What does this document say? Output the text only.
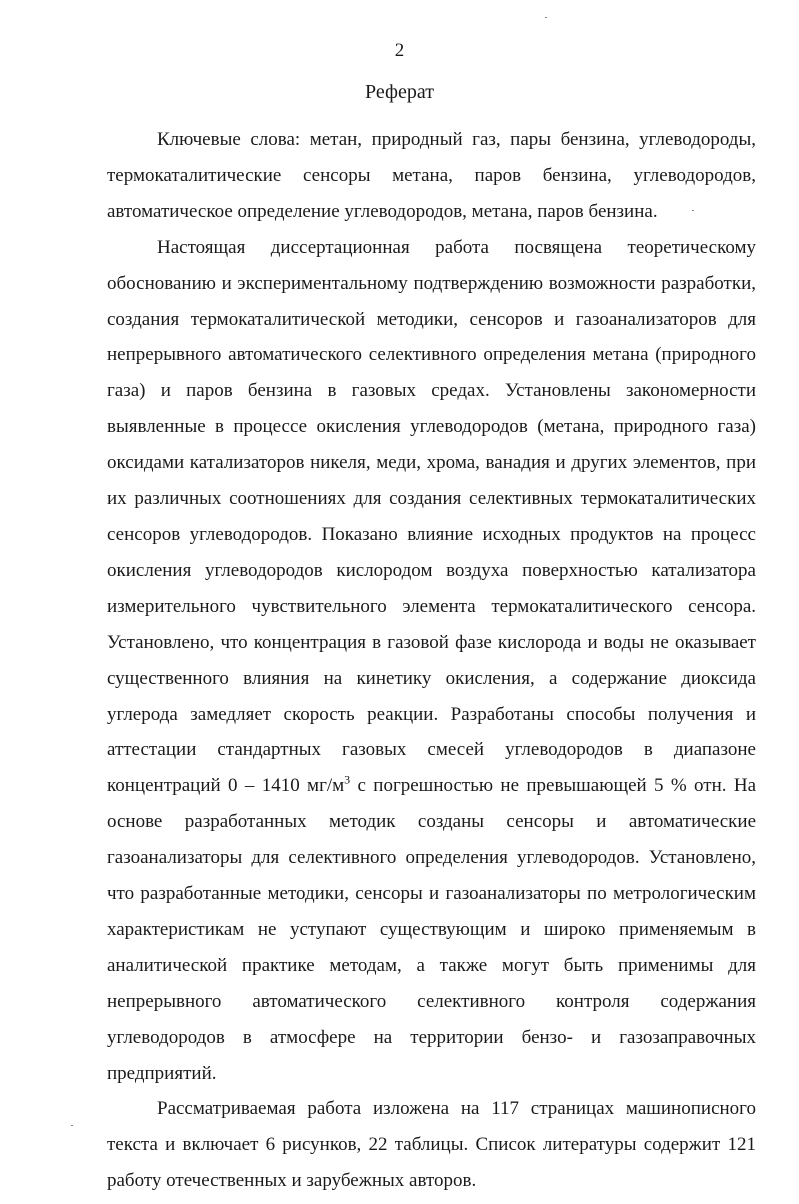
2
Реферат

Ключевые слова: метан, природный газ, пары бензина, углеводороды, термокаталитические сенсоры метана, паров бензина, углеводородов, автоматическое определение углеводородов, метана, паров бензина.

Настоящая диссертационная работа посвящена теоретическому обоснованию и экспериментальному подтверждению возможности разработки, создания термокаталитической методики, сенсоров и газоанализаторов для непрерывного автоматического селективного определения метана (природного газа) и паров бензина в газовых средах. Установлены закономерности выявленные в процессе окисления углеводородов (метана, природного газа) оксидами катализаторов никеля, меди, хрома, ванадия и других элементов, при их различных соотношениях для создания селективных термокаталитических сенсоров углеводородов. Показано влияние исходных продуктов на процесс окисления углеводородов кислородом воздуха поверхностью катализатора измерительного чувствительного элемента термокаталитического сенсора. Установлено, что концентрация в газовой фазе кислорода и воды не оказывает существенного влияния на кинетику окисления, а содержание диоксида углерода замедляет скорость реакции. Разработаны способы получения и аттестации стандартных газовых смесей углеводородов в диапазоне концентраций 0 – 1410 $мг/м^3$ с погрешностью не превышающей 5 % отн. На основе разработанных методик созданы сенсоры и автоматические газоанализаторы для селективного определения углеводородов. Установлено, что разработанные методики, сенсоры и газоанализаторы по метрологическим характеристикам не уступают существующим и широко применяемым в аналитической практике методам, а также могут быть применимы для непрерывного автоматического селективного контроля содержания углеводородов в атмосфере на территории бензо- и газозаправочных предприятий.

Рассматриваемая работа изложена на 117 страницах машинописного текста и включает 6 рисунков, 22 таблицы. Список литературы содержит 121 работу отечественных и зарубежных авторов.
